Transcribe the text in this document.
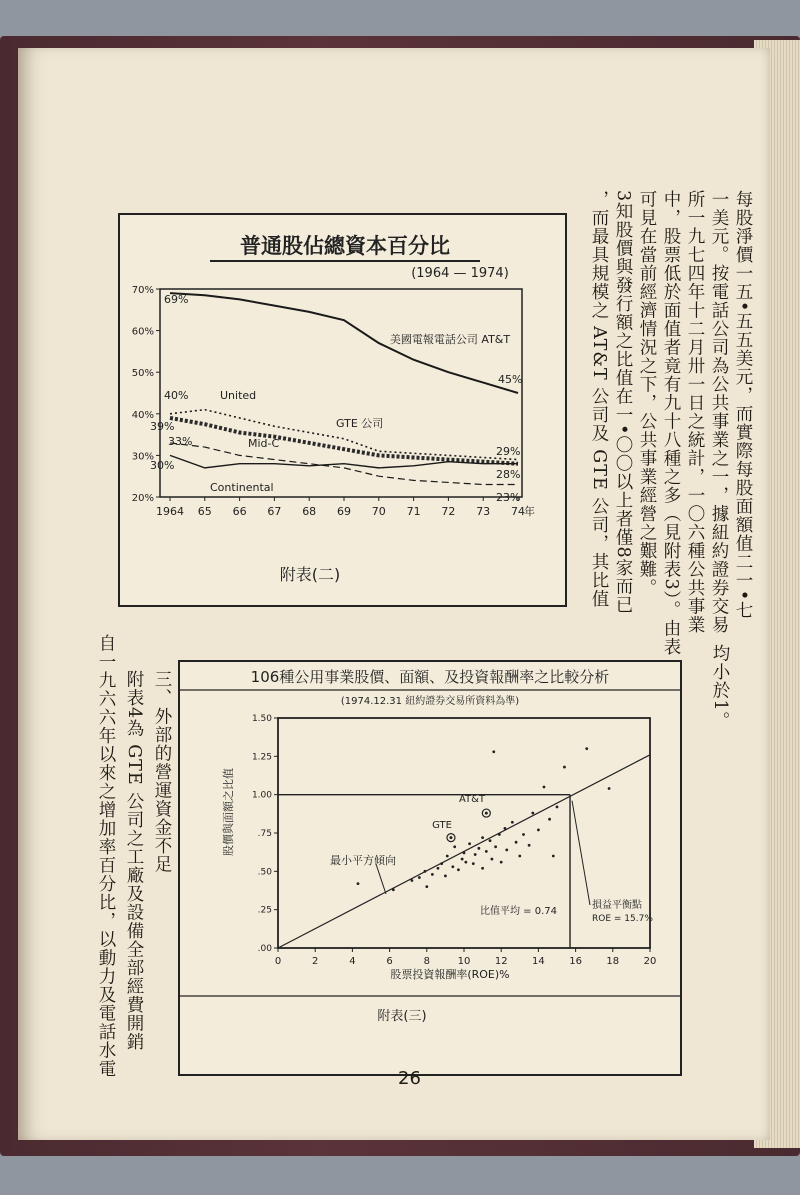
每股淨價一五•五五美元，而實際每股面額值二一•七
一美元。按電話公司為公共事業之一，據紐約證券交易
所一九七四年十二月卅一日之統計，一〇六種公共事業
中，股票低於面值者竟有九十八種之多（見附表3）。由表
可見在當前經濟情況之下，公共事業經營之艱難。
3知股價與發行額之比值在一•〇〇以上者僅8家而已
，而最具規模之 AT&T 公司及 GTE 公司，其比值
均小於1。
三、外部的營運資金不足
附表4為 GTE 公司之工廠及設備全部經費開銷
自一九六六年以來之增加率百分比，以動力及電話水電
普通股佔總資本百分比
(1964 — 1974)
70%
60%
50%
40%
30%
20%
1964 65 66 67 68 69 70 71 72 73 74
美國電報電話公司 AT&T
United
GTE 公司
Mid-C
Continental
69%
45%
40%
39%
33%
30%
29%
28%
23%
年
附表(二)
106種公用事業股價、面額、及投資報酬率之比較分析
(1974.12.31 紐約證券交易所資料為準)
1.50
1.25
1.00
.75
.50
.25
.00
0	2	4	6	8	10 12 14 16 18 20
股價與面額之比值
股票投資報酬率(ROE)%
AT&T
GTE
最小平方傾向
損益平衡點
ROE = 15.7%
比值平均 = 0.74
附表(三)
26
